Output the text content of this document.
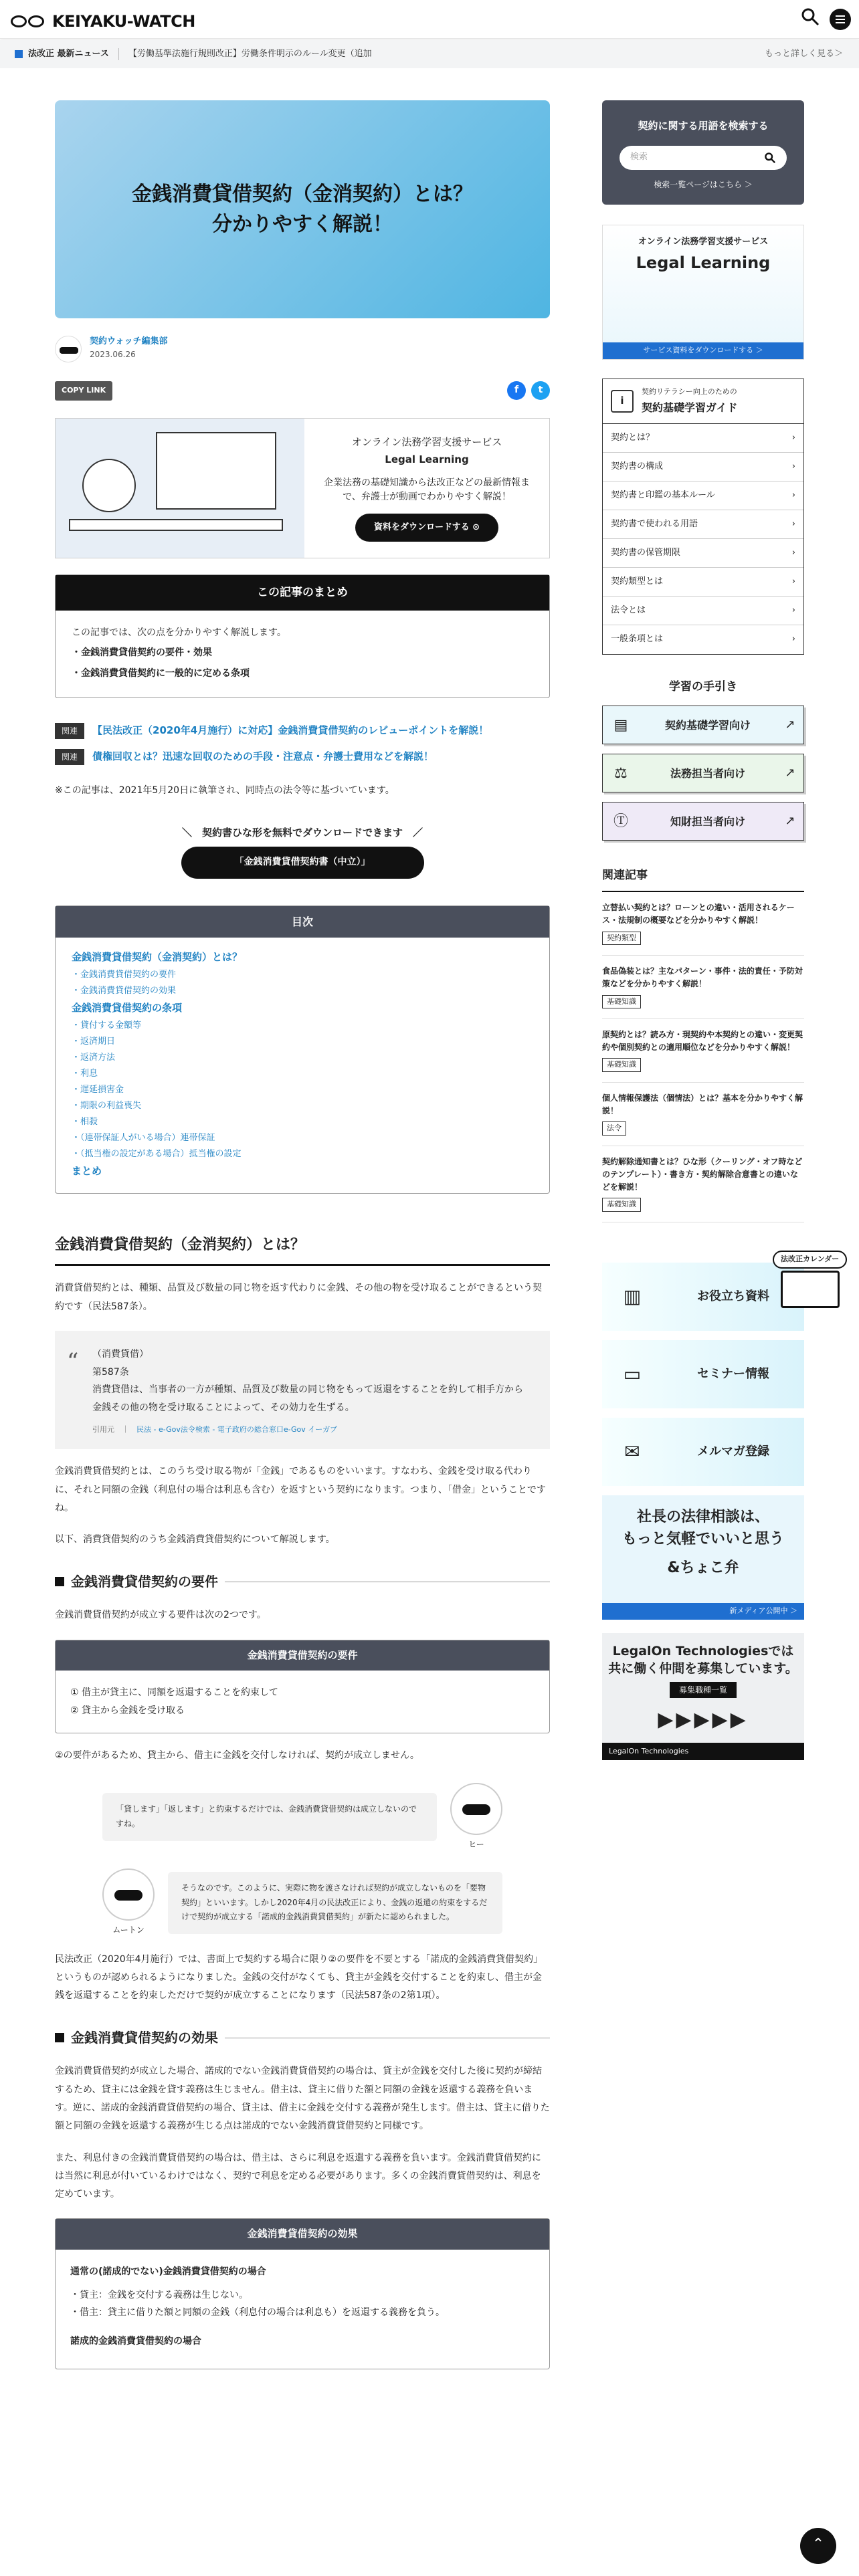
KEIYAKU-WATCH
法改正 最新ニュース 【労働基準法施行規則改正】労働条件明示のルール変更（追加	もっと詳しく見る＞
金銭消費貸借契約（金消契約）とは？
分かりやすく解説！
契約ウォッチ編集部
2023.06.26
COPY LINK	f	t
オンライン法務学習支援サービス
Legal Learning
企業法務の基礎知識から法改正などの最新情報まで、弁護士が動画でわかりやすく解説！
資料をダウンロードする ⊙
この記事のまとめ
この記事では、次の点を分かりやすく解説します。
・金銭消費貸借契約の要件・効果
・金銭消費貸借契約に一般的に定める条項
関連	【民法改正（2020年4月施行）に対応】金銭消費貸借契約のレビューポイントを解説！
関連	債権回収とは？迅速な回収のための手段・注意点・弁護士費用などを解説！
※この記事は、2021年5月20日に執筆され、同時点の法令等に基づいています。
＼　契約書ひな形を無料でダウンロードできます　／
「金銭消費貸借契約書（中立）」
目次
金銭消費貸借契約（金消契約）とは？
・ 金銭消費貸借契約の要件
・ 金銭消費貸借契約の効果
金銭消費貸借契約の条項
・ 貸付する金額等
・ 返済期日
・ 返済方法
・ 利息
・ 遅延損害金
・ 期限の利益喪失
・ 相殺
・ （連帯保証人がいる場合）連帯保証
・ （抵当権の設定がある場合）抵当権の設定
まとめ
金銭消費貸借契約（金消契約）とは？

消費貸借契約とは、種類、品質及び数量の同じ物を返す代わりに金銭、その他の物を受け取ることができるという契約です（民法587条）。

“ （消費貸借）
第587条
消費貸借は、当事者の一方が種類、品質及び数量の同じ物をもって返還をすることを約して相手方から金銭その他の物を受け取ることによって、その効力を生ずる。
引用元　｜　民法 - e-Gov法令検索 - 電子政府の総合窓口e-Gov イーガブ

金銭消費貸借契約とは、このうち受け取る物が「金銭」であるものをいいます。すなわち、金銭を受け取る代わりに、それと同額の金銭（利息付の場合は利息も含む）を返すという契約になります。つまり、「借金」ということですね。

以下、消費貸借契約のうち金銭消費貸借契約について解説します。

金銭消費貸借契約の要件

金銭消費貸借契約が成立する要件は次の2つです。

金銭消費貸借契約の要件
① 借主が貸主に、同額を返還することを約束して
② 貸主から金銭を受け取る

②の要件があるため、貸主から、借主に金銭を交付しなければ、契約が成立しません。

「貸します」「返します」と約束するだけでは、金銭消費貸借契約は成立しないのですね。
ヒー
ムートン
そうなのです。このように、実際に物を渡さなければ契約が成立しないものを「要物契約」といいます。しかし2020年4月の民法改正により、金銭の返還の約束をするだけで契約が成立する「諾成的金銭消費貸借契約」が新たに認められました。

民法改正（2020年4月施行）では、書面上で契約する場合に限り②の要件を不要とする「諾成的金銭消費貸借契約」というものが認められるようになりました。金銭の交付がなくても、貸主が金銭を交付することを約束し、借主が金銭を返還することを約束しただけで契約が成立することになります（民法587条の2第1項）。

金銭消費貸借契約の効果

金銭消費貸借契約が成立した場合、諾成的でない金銭消費貸借契約の場合は、貸主が金銭を交付した後に契約が締結するため、貸主には金銭を貸す義務は生じません。借主は、貸主に借りた額と同額の金銭を返還する義務を負います。逆に、諾成的金銭消費貸借契約の場合、貸主は、借主に金銭を交付する義務が発生します。借主は、貸主に借りた額と同額の金銭を返還する義務が生じる点は諾成的でない金銭消費貸借契約と同様です。

また、利息付きの金銭消費貸借契約の場合は、借主は、さらに利息を返還する義務を負います。金銭消費貸借契約には当然に利息が付いているわけではなく、契約で利息を定める必要があります。多くの金銭消費貸借契約は、利息を定めています。

金銭消費貸借契約の効果
通常の(諾成的でない)金銭消費貸借契約の場合
・貸主：金銭を交付する義務は生じない。
・借主：貸主に借りた額と同額の金銭（利息付の場合は利息も）を返還する義務を負う。
諾成的金銭消費貸借契約の場合
契約に関する用語を検索する
検索
検索一覧ページはこちら ＞
オンライン法務学習支援サービス
Legal Learning
サービス資料をダウンロードする ＞
i
契約リテラシー向上のための
契約基礎学習ガイド
契約とは？	›
契約書の構成	›
契約書と印鑑の基本ルール	›
契約書で使われる用語	›
契約書の保管期限	›
契約類型とは	›
法令とは	›
一般条項とは	›
学習の手引き
▤	契約基礎学習向け	↗
⚖	法務担当者向け	↗
Ⓣ	知財担当者向け	↗
関連記事
立替払い契約とは？ローンとの違い・活用されるケース・法規制の概要などを分かりやすく解説！
契約類型
食品偽装とは？主なパターン・事件・法的責任・予防対策などを分かりやすく解説！
基礎知識
原契約とは？読み方・現契約や本契約との違い・変更契約や個別契約との適用順位などを分かりやすく解説！
基礎知識
個人情報保護法（個情法）とは？基本を分かりやすく解説！
法令
契約解除通知書とは？ひな形（クーリング・オフ時などのテンプレート）・書き方・契約解除合意書との違いなどを解説！
基礎知識
▥	お役立ち資料
▭	セミナー情報
✉	メルマガ登録
社長の法律相談は、
もっと気軽でいいと思う
&ちょこ弁
新メディア公開中 ＞
LegalOn Technologiesでは
共に働く仲間を募集しています。
募集職種一覧
▶▶▶▶▶
LegalOn Technologies
法改正カレンダー
⌃
